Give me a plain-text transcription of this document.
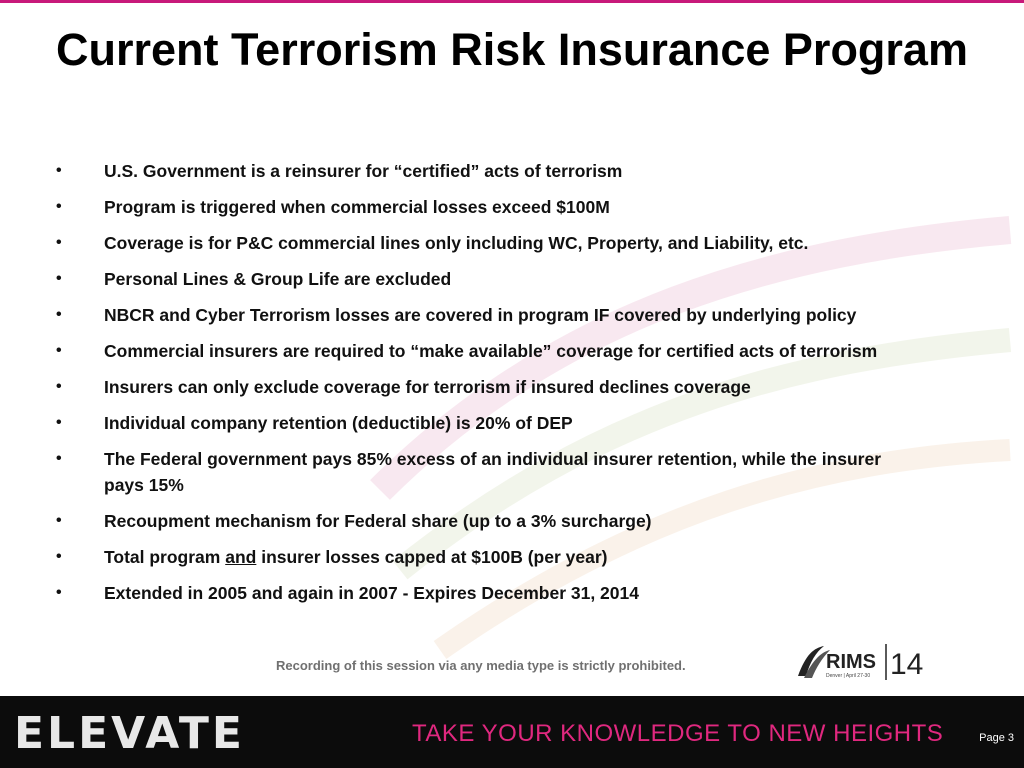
Current Terrorism Risk Insurance Program
• U.S. Government is a reinsurer for “certified” acts of terrorism
• Program is triggered when commercial losses exceed $100M
• Coverage is for P&C commercial lines only including WC, Property, and Liability, etc.
• Personal Lines & Group Life are excluded
• NBCR and Cyber Terrorism losses are covered in program IF covered by underlying policy
• Commercial insurers are required to “make available” coverage for certified acts of terrorism
• Insurers can only exclude coverage for terrorism if insured declines coverage
• Individual company retention (deductible) is 20% of DEP
• The Federal government pays 85% excess of an individual insurer retention, while the insurer pays 15%
• Recoupment mechanism for Federal share (up to a 3% surcharge)
• Total program and insurer losses capped at $100B (per year)
• Extended in 2005 and again in 2007 - Expires December 31, 2014
Recording of this session via any media type is strictly prohibited.	RIMS
Denver | April 27-30 14
ELEVATE	TAKE YOUR KNOWLEDGE TO NEW HEIGHTS	Page 3
